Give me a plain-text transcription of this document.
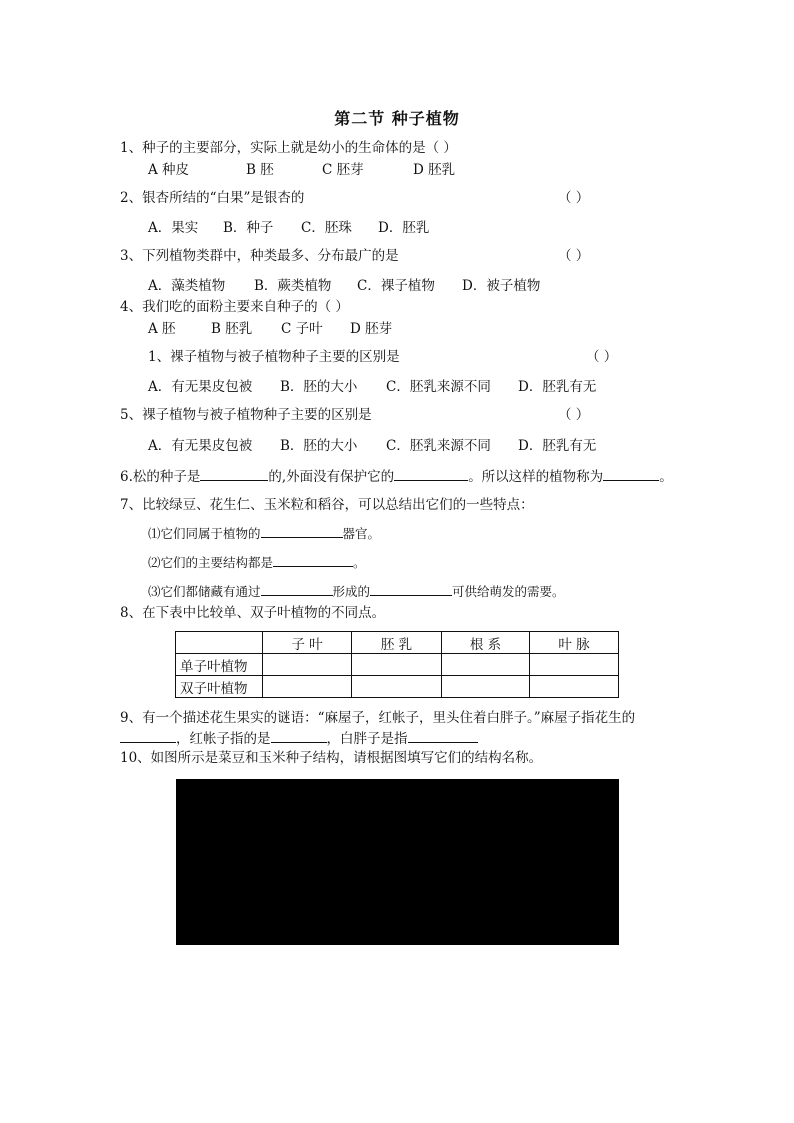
第二节 种子植物
1、种子的主要部分，实际上就是幼小的生命体的是（ ）
A 种皮	B 胚	C 胚芽	D 胚乳
2、银杏所结的“白果”是银杏的	（ ）
A．果实 B．种子 C．胚珠 D．胚乳
3、下列植物类群中，种类最多、分布最广的是	（ ）
A．藻类植物 B．蕨类植物 C．裸子植物 D．被子植物
4、我们吃的面粉主要来自种子的（ ）
A 胚	B 胚乳 C 子叶 D 胚芽
1、裸子植物与被子植物种子主要的区别是	（ ）
A．有无果皮包被 B．胚的大小 C．胚乳来源不同 D．胚乳有无
5、裸子植物与被子植物种子主要的区别是	（ ）
A．有无果皮包被 B．胚的大小 C．胚乳来源不同 D．胚乳有无
6.松的种子是	的,外面没有保护它的	。所以这样的植物称为	。
7、比较绿豆、花生仁、玉米粒和稻谷，可以总结出它们的一些特点：
⑴它们同属于植物的	器官。
⑵它们的主要结构都是	。
⑶它们都储藏有通过	形成的	可供给萌发的需要。
8、在下表中比较单、双子叶植物的不同点。
	子 叶	胚 乳	根 系	叶 脉
单子叶植物				
双子叶植物				
9、有一个描述花生果实的谜语：“麻屋子，红帐子，里头住着白胖子。”麻屋子指花生的
，红帐子指的是	，白胖子是指
10、如图所示是菜豆和玉米种子结构，请根据图填写它们的结构名称。
